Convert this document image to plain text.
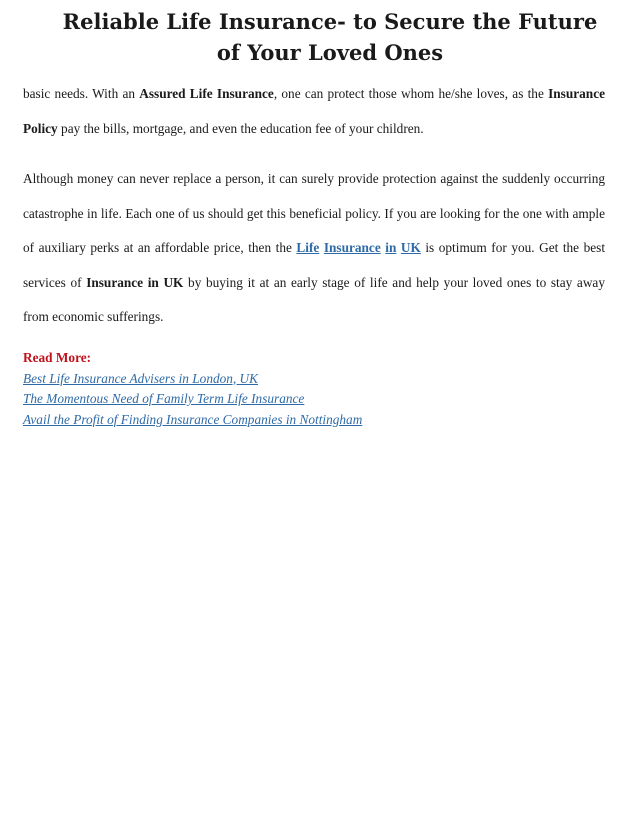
Reliable Life Insurance- to Secure the Future
of Your Loved Ones

basic needs. With an Assured Life Insurance, one can protect those whom he/she loves, as the Insurance Policy pay the bills, mortgage, and even the education fee of your children.

Although money can never replace a person, it can surely provide protection against the suddenly occurring catastrophe in life. Each one of us should get this beneficial policy. If you are looking for the one with ample of auxiliary perks at an affordable price, then the Life Insurance in UK is optimum for you. Get the best services of Insurance in UK by buying it at an early stage of life and help your loved ones to stay away from economic sufferings.

Read More:
Best Life Insurance Advisers in London, UK
The Momentous Need of Family Term Life Insurance
Avail the Profit of Finding Insurance Companies in Nottingham
